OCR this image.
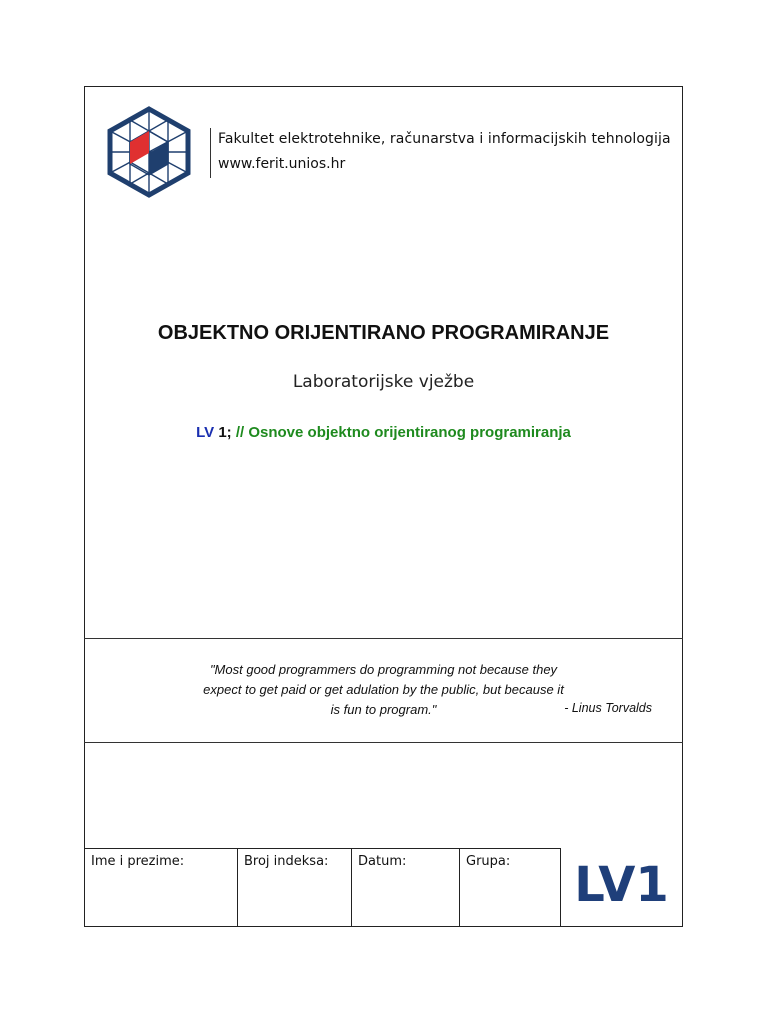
Fakultet elektrotehnike, računarstva i informacijskih tehnologija
www.ferit.unios.hr
OBJEKTNO ORIJENTIRANO PROGRAMIRANJE
Laboratorijske vježbe
LV 1; // Osnove objektno orijentiranog programiranja
"Most good programmers do programming not because they expect to get paid or get adulation by the public, but because it is fun to program."	- Linus Torvalds
Ime i prezime:	Broj indeksa:	Datum:	Grupa: LV1
